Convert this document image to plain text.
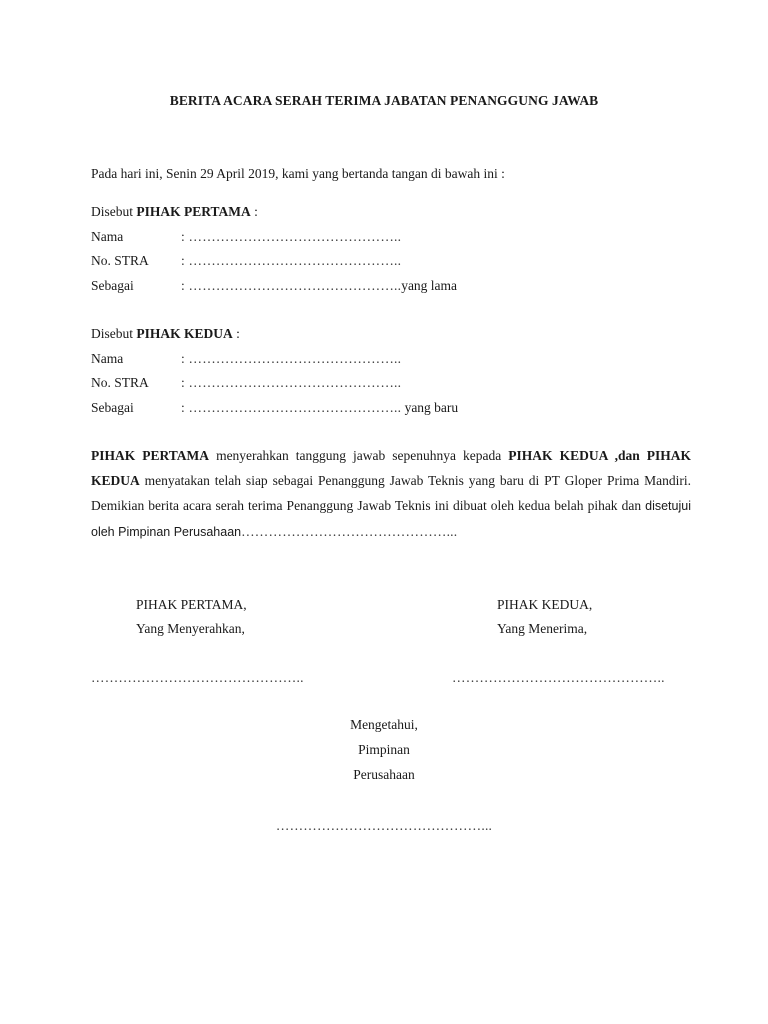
BERITA ACARA SERAH TERIMA JABATAN PENANGGUNG JAWAB
Pada hari ini, Senin 29 April 2019, kami yang bertanda tangan di bawah ini :
Disebut PIHAK PERTAMA :
Nama	: ………………………………………..
No. STRA : ………………………………………..
Sebagai	: ………………………………………..yang lama
Disebut PIHAK KEDUA :
Nama	: ………………………………………..
No. STRA : ………………………………………..
Sebagai	: ……………………………………….. yang baru
PIHAK PERTAMA menyerahkan tanggung jawab sepenuhnya kepada PIHAK KEDUA ,dan PIHAK KEDUA menyatakan telah siap sebagai Penanggung Jawab Teknis yang baru di PT Gloper Prima Mandiri. Demikian berita acara serah terima Penanggung Jawab Teknis ini dibuat oleh kedua belah pihak dan disetujui oleh Pimpinan Perusahaan………………………………………...
PIHAK PERTAMA,
Yang Menyerahkan,
PIHAK KEDUA,
Yang Menerima,
………………………………………..	………………………………………..
Mengetahui,
Pimpinan
Perusahaan
………………………………………...
